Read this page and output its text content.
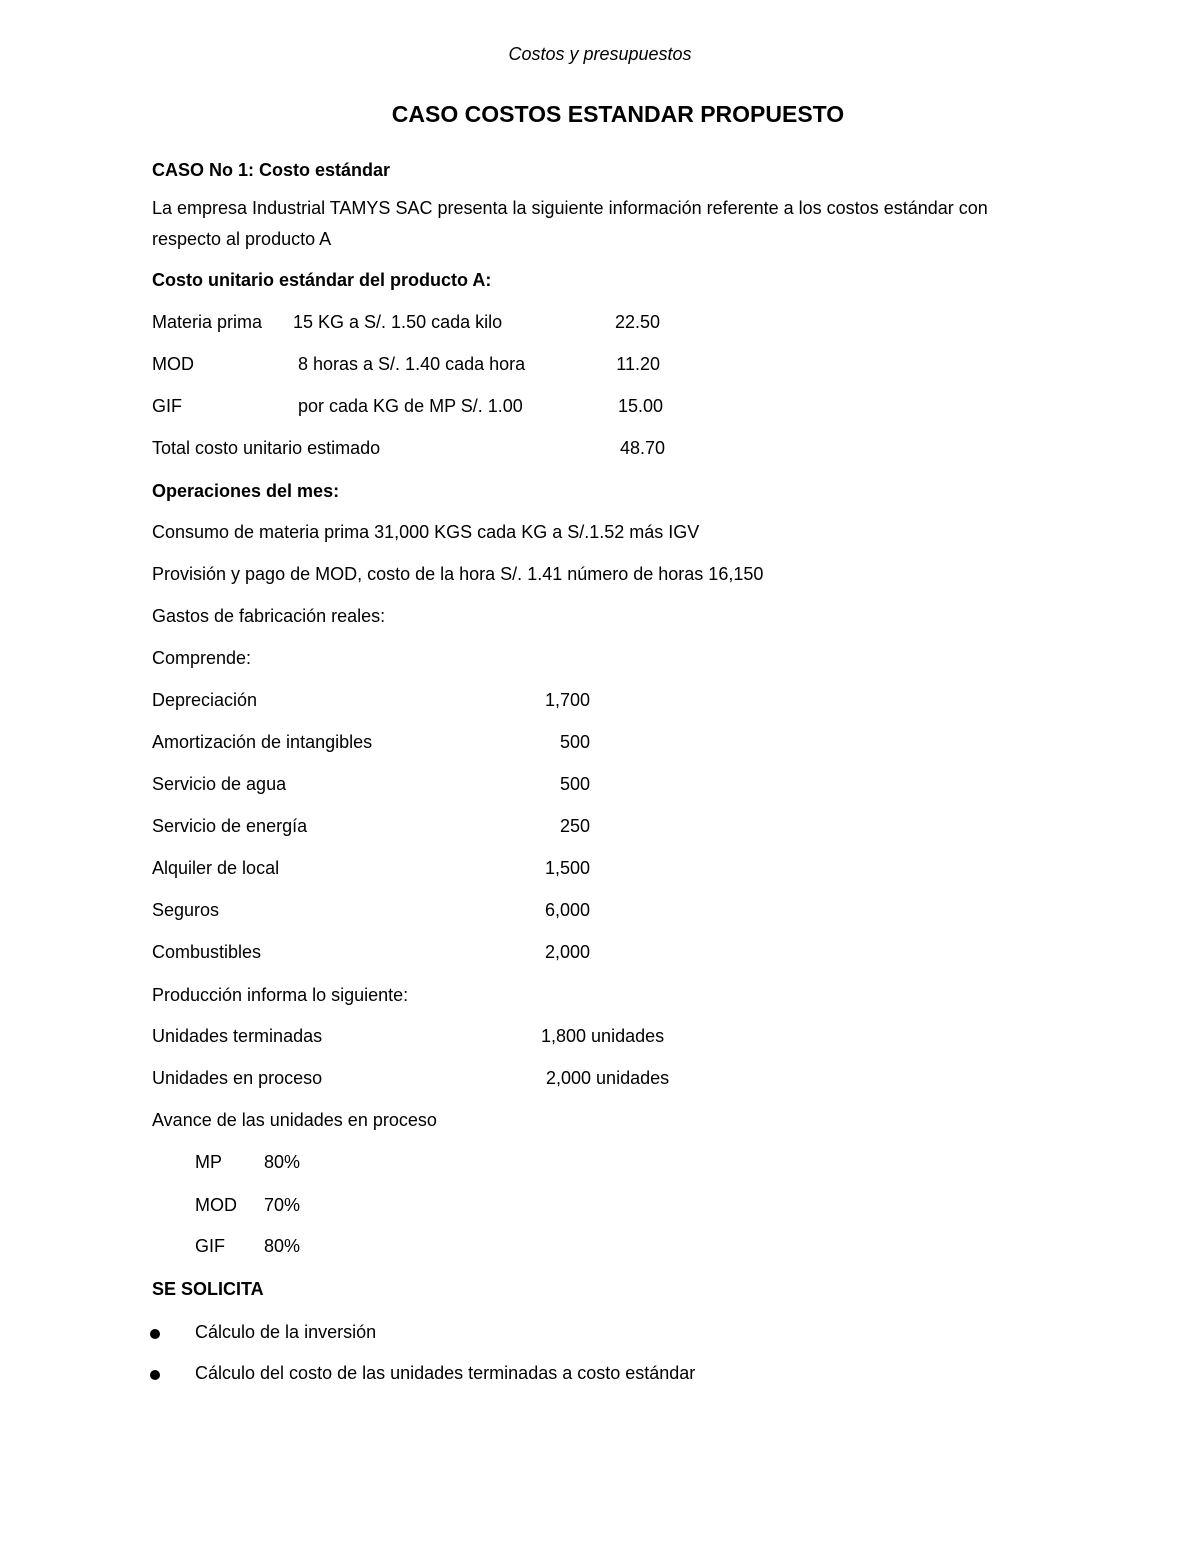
Costos y presupuestos
CASO COSTOS ESTANDAR PROPUESTO
CASO No 1: Costo estándar
La empresa Industrial TAMYS SAC presenta la siguiente información referente a los costos estándar con
respecto al producto A
Costo unitario estándar del producto A:
Materia prima 15 KG a S/. 1.50 cada kilo	22.50
MOD	8 horas a S/. 1.40 cada hora	11.20
GIF	por cada KG de MP S/. 1.00	15.00
Total costo unitario estimado	48.70
Operaciones del mes:
Consumo de materia prima 31,000 KGS cada KG a S/.1.52 más IGV
Provisión y pago de MOD, costo de la hora S/. 1.41 número de horas 16,150
Gastos de fabricación reales:
Comprende:
Depreciación	1,700
Amortización de intangibles	500
Servicio de agua	500
Servicio de energía	250
Alquiler de local	1,500
Seguros	6,000
Combustibles	2,000
Producción informa lo siguiente:
Unidades terminadas	1,800 unidades
Unidades en proceso	2,000 unidades
Avance de las unidades en proceso
MP 80%
MOD 70%
GIF 80%
SE SOLICITA
Cálculo de la inversión
Cálculo del costo de las unidades terminadas a costo estándar
